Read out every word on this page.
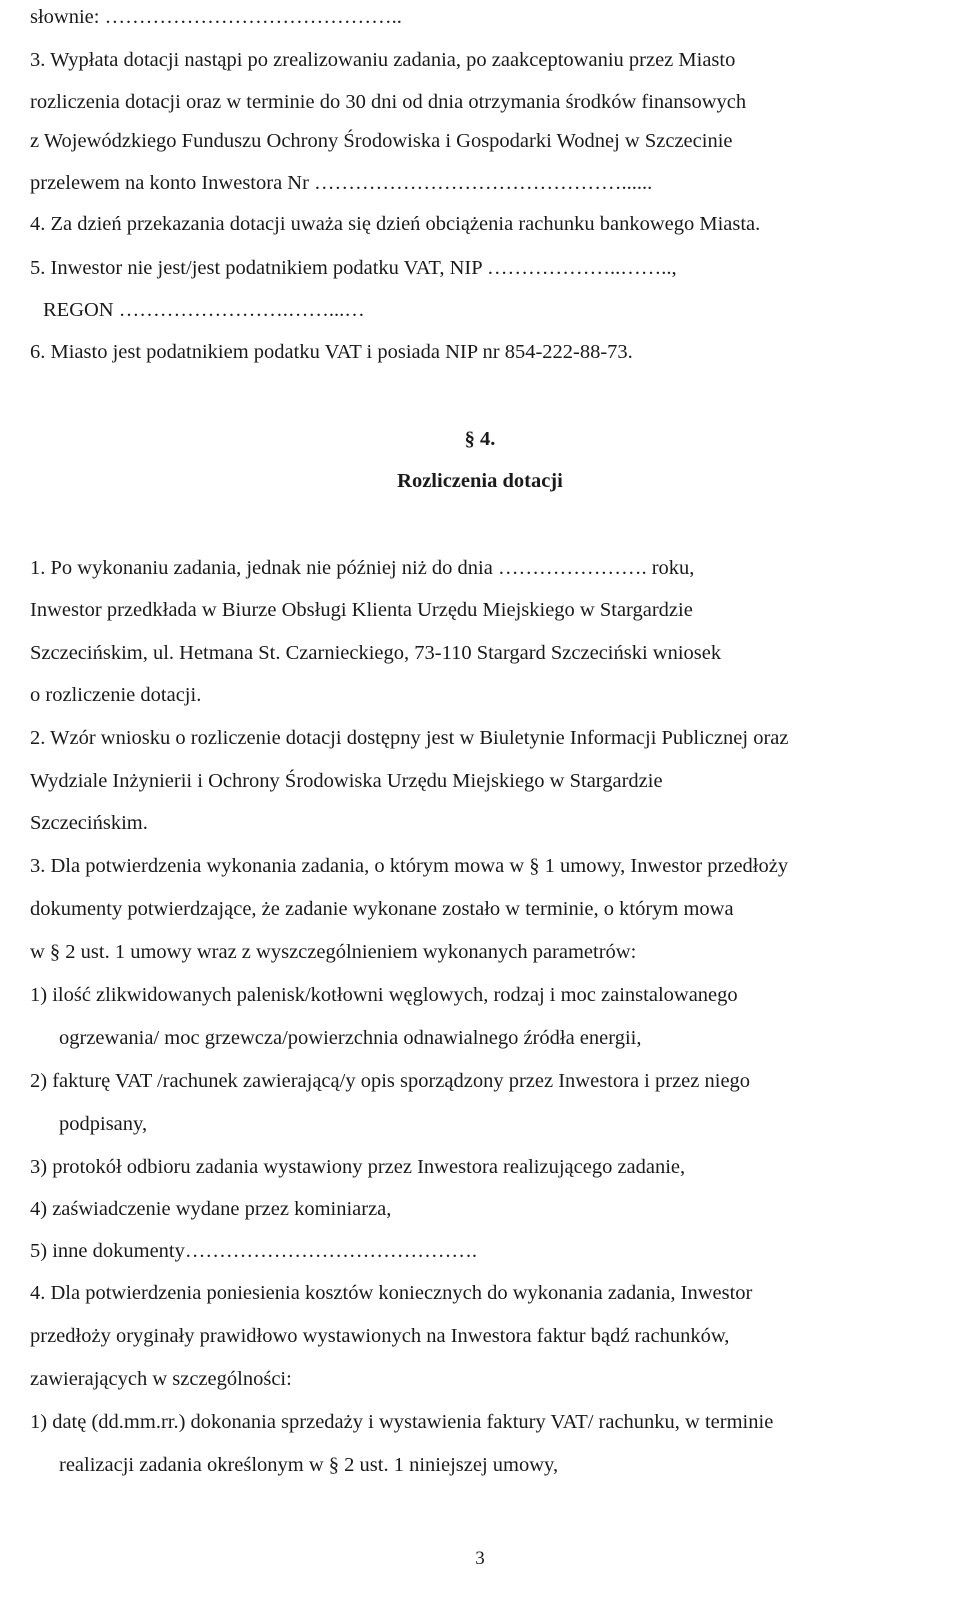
słownie: ……………………………………..
3. Wypłata dotacji nastąpi po zrealizowaniu zadania, po zaakceptowaniu przez Miasto
rozliczenia dotacji oraz w terminie do 30 dni od dnia otrzymania środków finansowych
z Wojewódzkiego Funduszu Ochrony Środowiska i Gospodarki Wodnej w Szczecinie
przelewem na konto Inwestora Nr ………………………………………......
4. Za dzień przekazania dotacji uważa się dzień obciążenia rachunku bankowego Miasta.
5. Inwestor nie jest/jest podatnikiem podatku VAT, NIP ………………..……..,
REGON …………………….……...…
6. Miasto jest podatnikiem podatku VAT i posiada NIP nr 854-222-88-73.
§ 4.
Rozliczenia dotacji
1. Po wykonaniu zadania, jednak nie później niż do dnia …………………. roku,
Inwestor przedkłada w Biurze Obsługi Klienta Urzędu Miejskiego w Stargardzie
Szczecińskim, ul. Hetmana St. Czarnieckiego, 73-110 Stargard Szczeciński wniosek
o rozliczenie dotacji.
2. Wzór wniosku o rozliczenie dotacji dostępny jest w Biuletynie Informacji Publicznej oraz
Wydziale Inżynierii i Ochrony Środowiska Urzędu Miejskiego w Stargardzie
Szczecińskim.
3. Dla potwierdzenia wykonania zadania, o którym mowa w § 1 umowy, Inwestor przedłoży
dokumenty potwierdzające, że zadanie wykonane zostało w terminie, o którym mowa
w § 2 ust. 1 umowy wraz z wyszczególnieniem wykonanych parametrów:
1) ilość zlikwidowanych palenisk/kotłowni węglowych, rodzaj i moc zainstalowanego
ogrzewania/ moc grzewcza/powierzchnia odnawialnego źródła energii,
2) fakturę VAT /rachunek zawierającą/y opis sporządzony przez Inwestora i przez niego
podpisany,
3) protokół odbioru zadania wystawiony przez Inwestora realizującego zadanie,
4) zaświadczenie wydane przez kominiarza,
5) inne dokumenty…………………………………….
4. Dla potwierdzenia poniesienia kosztów koniecznych do wykonania zadania, Inwestor
przedłoży oryginały prawidłowo wystawionych na Inwestora faktur bądź rachunków,
zawierających w szczególności:
1) datę (dd.mm.rr.) dokonania sprzedaży i wystawienia faktury VAT/ rachunku, w terminie
realizacji zadania określonym w § 2 ust. 1 niniejszej umowy,
3
